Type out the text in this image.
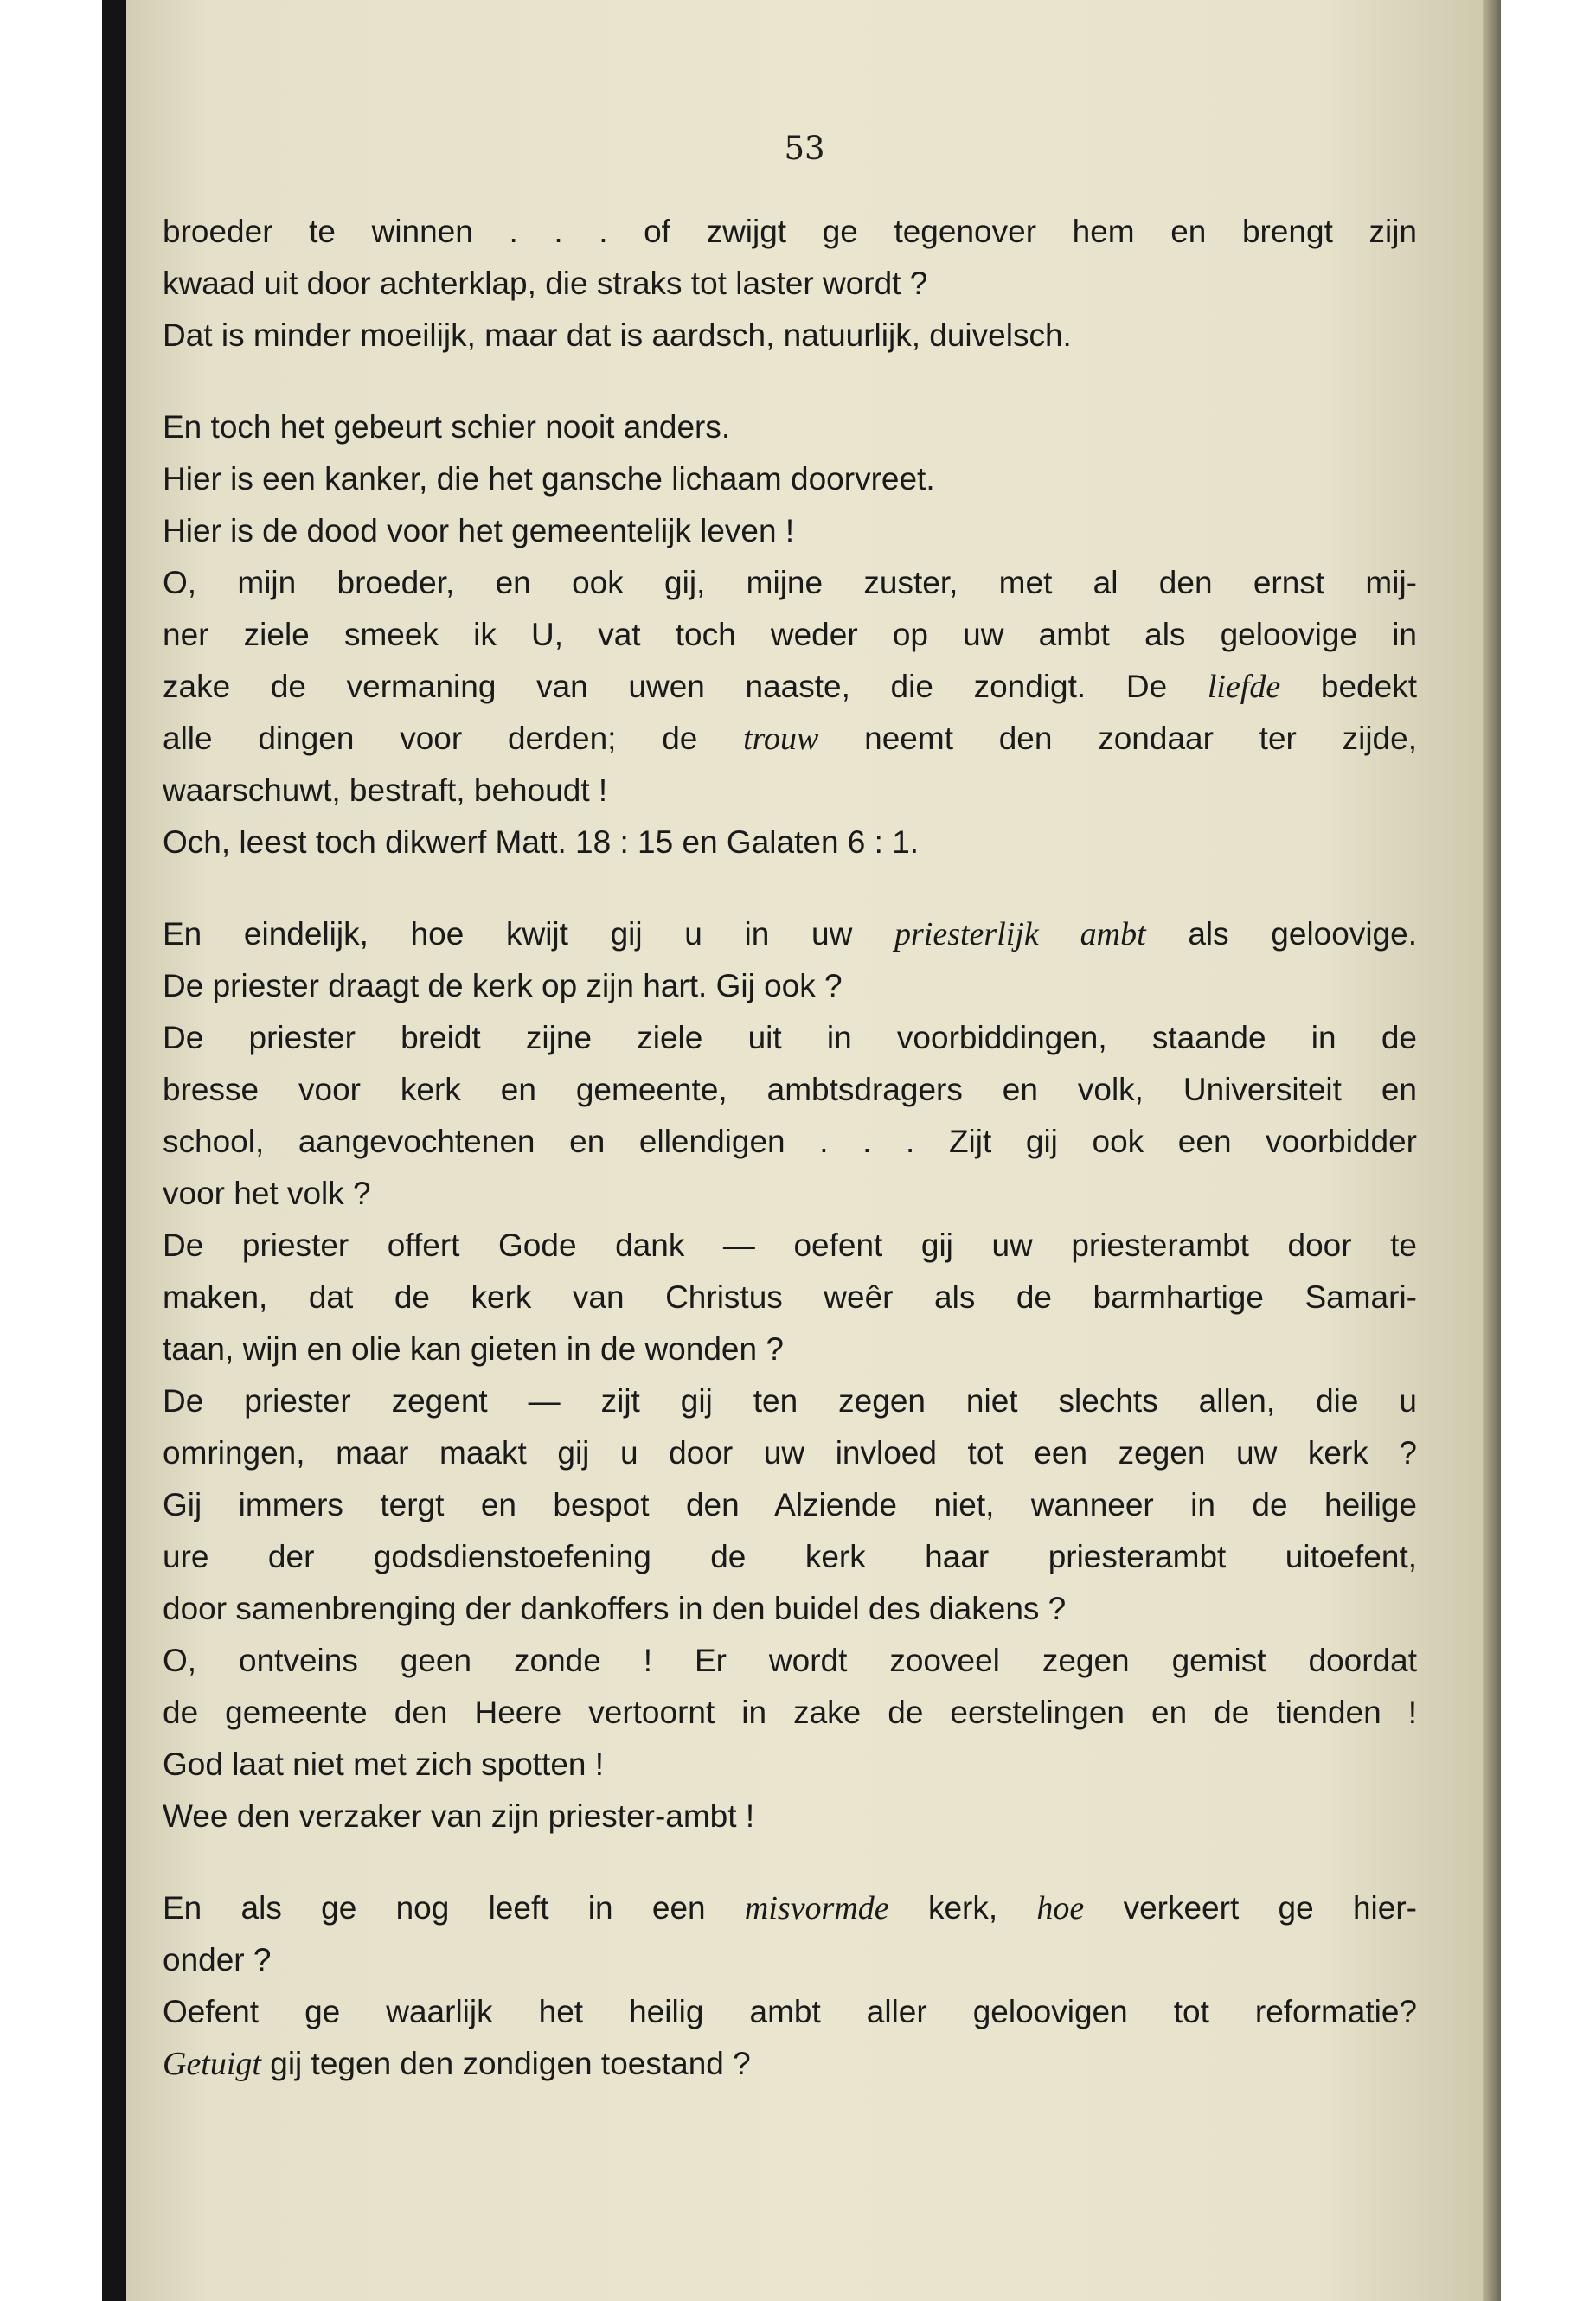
53
broeder te winnen . . . of zwijgt ge tegenover hem en brengt zijn
kwaad uit door achterklap, die straks tot laster wordt ?
Dat is minder moeilijk, maar dat is aardsch, natuurlijk, duivelsch.
En toch het gebeurt schier nooit anders.
Hier is een kanker, die het gansche lichaam doorvreet.
Hier is de dood voor het gemeentelijk leven !
O, mijn broeder, en ook gij, mijne zuster, met al den ernst mij-
ner ziele smeek ik U, vat toch weder op uw ambt als geloovige in
zake de vermaning van uwen naaste, die zondigt. De liefde bedekt
alle dingen voor derden; de trouw neemt den zondaar ter zijde,
waarschuwt, bestraft, behoudt !
Och, leest toch dikwerf Matt. 18 : 15 en Galaten 6 : 1.
En eindelijk, hoe kwijt gij u in uw priesterlijk ambt als geloovige.
De priester draagt de kerk op zijn hart. Gij ook ?
De priester breidt zijne ziele uit in voorbiddingen, staande in de
bresse voor kerk en gemeente, ambtsdragers en volk, Universiteit en
school, aangevochtenen en ellendigen . . . Zijt gij ook een voorbidder
voor het volk ?
De priester offert Gode dank — oefent gij uw priesterambt door te
maken, dat de kerk van Christus weêr als de barmhartige Samari-
taan, wijn en olie kan gieten in de wonden ?
De priester zegent — zijt gij ten zegen niet slechts allen, die u
omringen, maar maakt gij u door uw invloed tot een zegen uw kerk ?
Gij immers tergt en bespot den Alziende niet, wanneer in de heilige
ure der godsdienstoefening de kerk haar priesterambt uitoefent,
door samenbrenging der dankoffers in den buidel des diakens ?
O, ontveins geen zonde ! Er wordt zooveel zegen gemist doordat
de gemeente den Heere vertoornt in zake de eerstelingen en de tienden !
God laat niet met zich spotten !
Wee den verzaker van zijn priester-ambt !
En als ge nog leeft in een misvormde kerk, hoe verkeert ge hier-
onder ?
Oefent ge waarlijk het heilig ambt aller geloovigen tot reformatie?
Getuigt gij tegen den zondigen toestand ?
